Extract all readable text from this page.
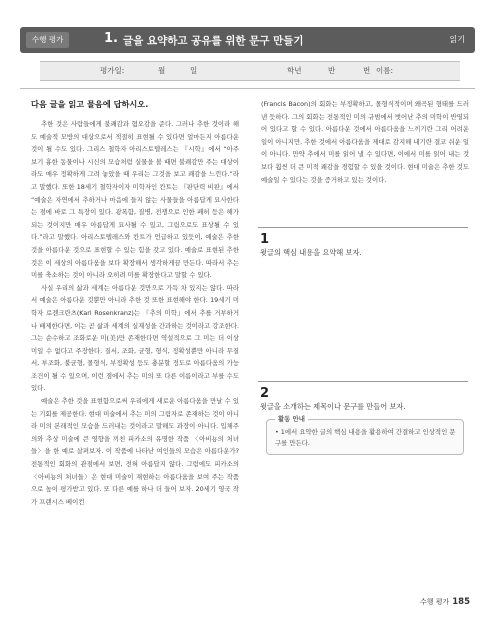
수행 평가	1. 글을 요약하고 공유를 위한 문구 만들기	읽기
평가일:	월	일	학년	반	번 이름:
다음 글을 읽고 물음에 답하시오.

추한 것은 사람들에게 불쾌감과 혐오감을 준다. 그러나 추한 것이라 해도 예술적 모방의 대상으로서 적절히 표현될 수 있다면 얼마든지 아름다운 것이 될 수도 있다. 그리스 철학자 아리스토텔레스는 『시학』에서 “아주 보기 흉한 동물이나 시신의 모습처럼 실물을 볼 때면 불쾌감만 주는 대상이라도 매우 정확하게 그려 놓았을 때 우리는 그것을 보고 쾌감을 느낀다.”라고 말했다. 또한 18세기 철학자이자 미학자인 칸트는 『판단력 비판』에서 “예술은 자연에서 추하거나 마음에 들지 않는 사물들을 아름답게 묘사한다는 점에 바로 그 특장이 있다. 광폭함, 질병, 전쟁으로 인한 폐허 등은 해가 되는 것이지만 매우 아름답게 묘사될 수 있고, 그림으로도 표상될 수 있다.”라고 말했다. 아리스토텔레스와 칸트가 언급하고 있듯이, 예술은 추한 것을 아름다운 것으로 표현할 수 있는 힘을 갖고 있다. 예술로 표현된 추한 것은 이 세상의 아름다움을 보다 확장해서 생각하게끔 만든다. 따라서 추는 미를 축소하는 것이 아니라 오히려 미를 확장한다고 말할 수 있다.

사실 우리의 삶과 세계는 아름다운 것만으로 가득 차 있지는 않다. 따라서 예술은 아름다운 것뿐만 아니라 추한 것 또한 표현해야 한다. 19세기 미학자 로젠크란츠(Karl Rosenkranz)는 『추의 미학』에서 추를 거부하거나 배제한다면, 이는 곧 삶과 세계의 실재성을 간과하는 것이라고 강조한다. 그는 순수하고 조화로운 미(美)만 존재한다면 역설적으로 그 미는 더 이상 미일 수 없다고 주장한다. 질서, 조화, 균형, 형식, 정확성뿐만 아니라 무질서, 부조화, 불균형, 몰형식, 부정확성 등도 충분할 정도로 아름다움의 가능 조건이 될 수 있으며, 이런 점에서 추는 미의 또 다른 이름이라고 부를 수도 있다.

예술은 추한 것을 표현함으로써 우리에게 새로운 아름다움을 만날 수 있는 기회를 제공한다. 현대 미술에서 추는 미의 그림자로 존재하는 것이 아니라 미의 본래적인 모습을 드러내는 것이라고 말해도 과장이 아니다. 입체주의와 추상 미술에 큰 영향을 끼친 피카소의 유명한 작품 〈아비뇽의 처녀들〉을 한 예로 살펴보자. 이 작품에 나타난 여인들의 모습은 아름다운가? 전통적인 회화의 관점에서 보면, 전혀 아름답지 않다. 그럼에도 피카소의 〈아비뇽의 처녀들〉은 현대 미술이 재현하는 아름다움을 보여 주는 작품으로 높이 평가받고 있다. 또 다른 예를 하나 더 들어 보자. 20세기 영국 작가 프랜시스 베이컨

(Francis Bacon)의 회화는 부정확하고, 몰형식적이며 왜곡된 형태를 드러낸 듯하다. 그의 회화는 전통적인 미의 규범에서 벗어난 추의 미학이 반영되어 있다고 할 수 있다. 아름다운 것에서 아름다움을 느끼기란 그리 어려운 일이 아니지만, 추한 것에서 아름다움을 제대로 감지해 내기란 결코 쉬운 일이 아니다. 만약 추에서 미를 읽어 낼 수 있다면, 이에서 미를 읽어 내는 것보다 훨씬 더 큰 미적 쾌감을 경험할 수 있을 것이다. 현대 미술은 추한 것도 예술일 수 있다는 것을 증거하고 있는 것이다.

1
윗글의 핵심 내용을 요약해 보자.
2
윗글을 소개하는 제목이나 문구를 만들어 보자.
활동 안내
• 1에서 요약한 글의 핵심 내용을 활용하여 간결하고 인상적인 문구를 만든다.
수행 평가 185
